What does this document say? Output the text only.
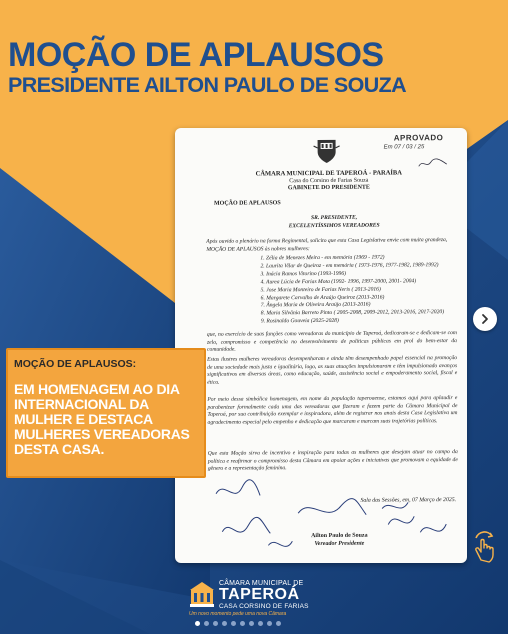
MOÇÃO DE APLAUSOS
PRESIDENTE AILTON PAULO DE SOUZA
APROVADO
Em 07 / 03 / 25
CÂMARA MUNICIPAL DE TAPEROÁ - PARAÍBA
Casa do Corsino de Farias Souza
GABINETE DO PRESIDENTE
MOÇÃO DE APLAUSOS
SR. PRESIDENTE,
EXCELENTÍSSIMOS VEREADORES
Após ouvido o plenário na forma Regimental, solicito que esta Casa Legislativa envie com muita grandeza, MOÇÃO DE APLAUSOS às nobres mulheres:
1. Zélia de Menezes Meira - em memória (1969 - 1972)
2. Laurita Vilar de Queiroz - em memória ( 1973-1976, 1977-1982, 1989-1992)
3. Inácia Ramos Vitorino (1993-1996)
4. Aurea Lúcia de Farias Mota (1992- 1996, 1997-2000, 2001- 2004)
5. Jose Maria Monteiro de Farias Neris ( 2013-2016)
6. Margarete Carvalho de Araújo Queiroz (2013-2016)
7. Ângela Maria de Oliveira Araújo (2013-2016)
8. Maria Silvânia Barreto Pinto ( 2005-2008, 2009-2012, 2013-2016, 2017-2020)
9. Rosinaldo Gouveia (2025-2028)
que, no exercício de suas funções como vereadoras do município de Taperoá, dedicaram-se e dedicam-se com zelo, compromisso e competência no desenvolvimento de políticas públicas em prol do bem-estar da comunidade.
Estas ilustres mulheres vereadoras desempenharam e ainda têm desempenhado papel essencial na promoção de uma sociedade mais justa e igualitária, logo, as suas atuações impulsionaram e têm impulsionado avanços significativos em diversas áreas, como educação, saúde, assistência social e empoderamento social, fiscal e ético.
Por meio dessa simbólica homenagem, em nome da população taperoaense, estamos aqui para aplaudir e parabenizar formalmente cada uma das vereadoras que fizeram e fazem parte da Câmara Municipal de Taperoá, por sua contribuição exemplar e inspiradora, além de registrar nos anais desta Casa Legislativa um agradecimento especial pelo empenho e dedicação que marcaram e marcam suas trajetórias políticas.
Que esta Moção sirva de incentivo e inspiração para todas as mulheres que desejam atuar no campo da política e reafirmar o compromisso desta Câmara em apoiar ações e iniciativas que promovam a equidade de gênero e a representação feminina.
Sala das Sessões, em, 07 Março de 2025.
Ailton Paulo de Souza
Vereador Presidente
MOÇÃO DE APLAUSOS:
EM HOMENAGEM AO DIA INTERNACIONAL DA MULHER E DESTACA MULHERES VEREADORAS DESTA CASA.
CÂMARA MUNICIPAL DE
TAPEROÁ
CASA CORSINO DE FARIAS
Um novo momento pede uma nova Câmara
